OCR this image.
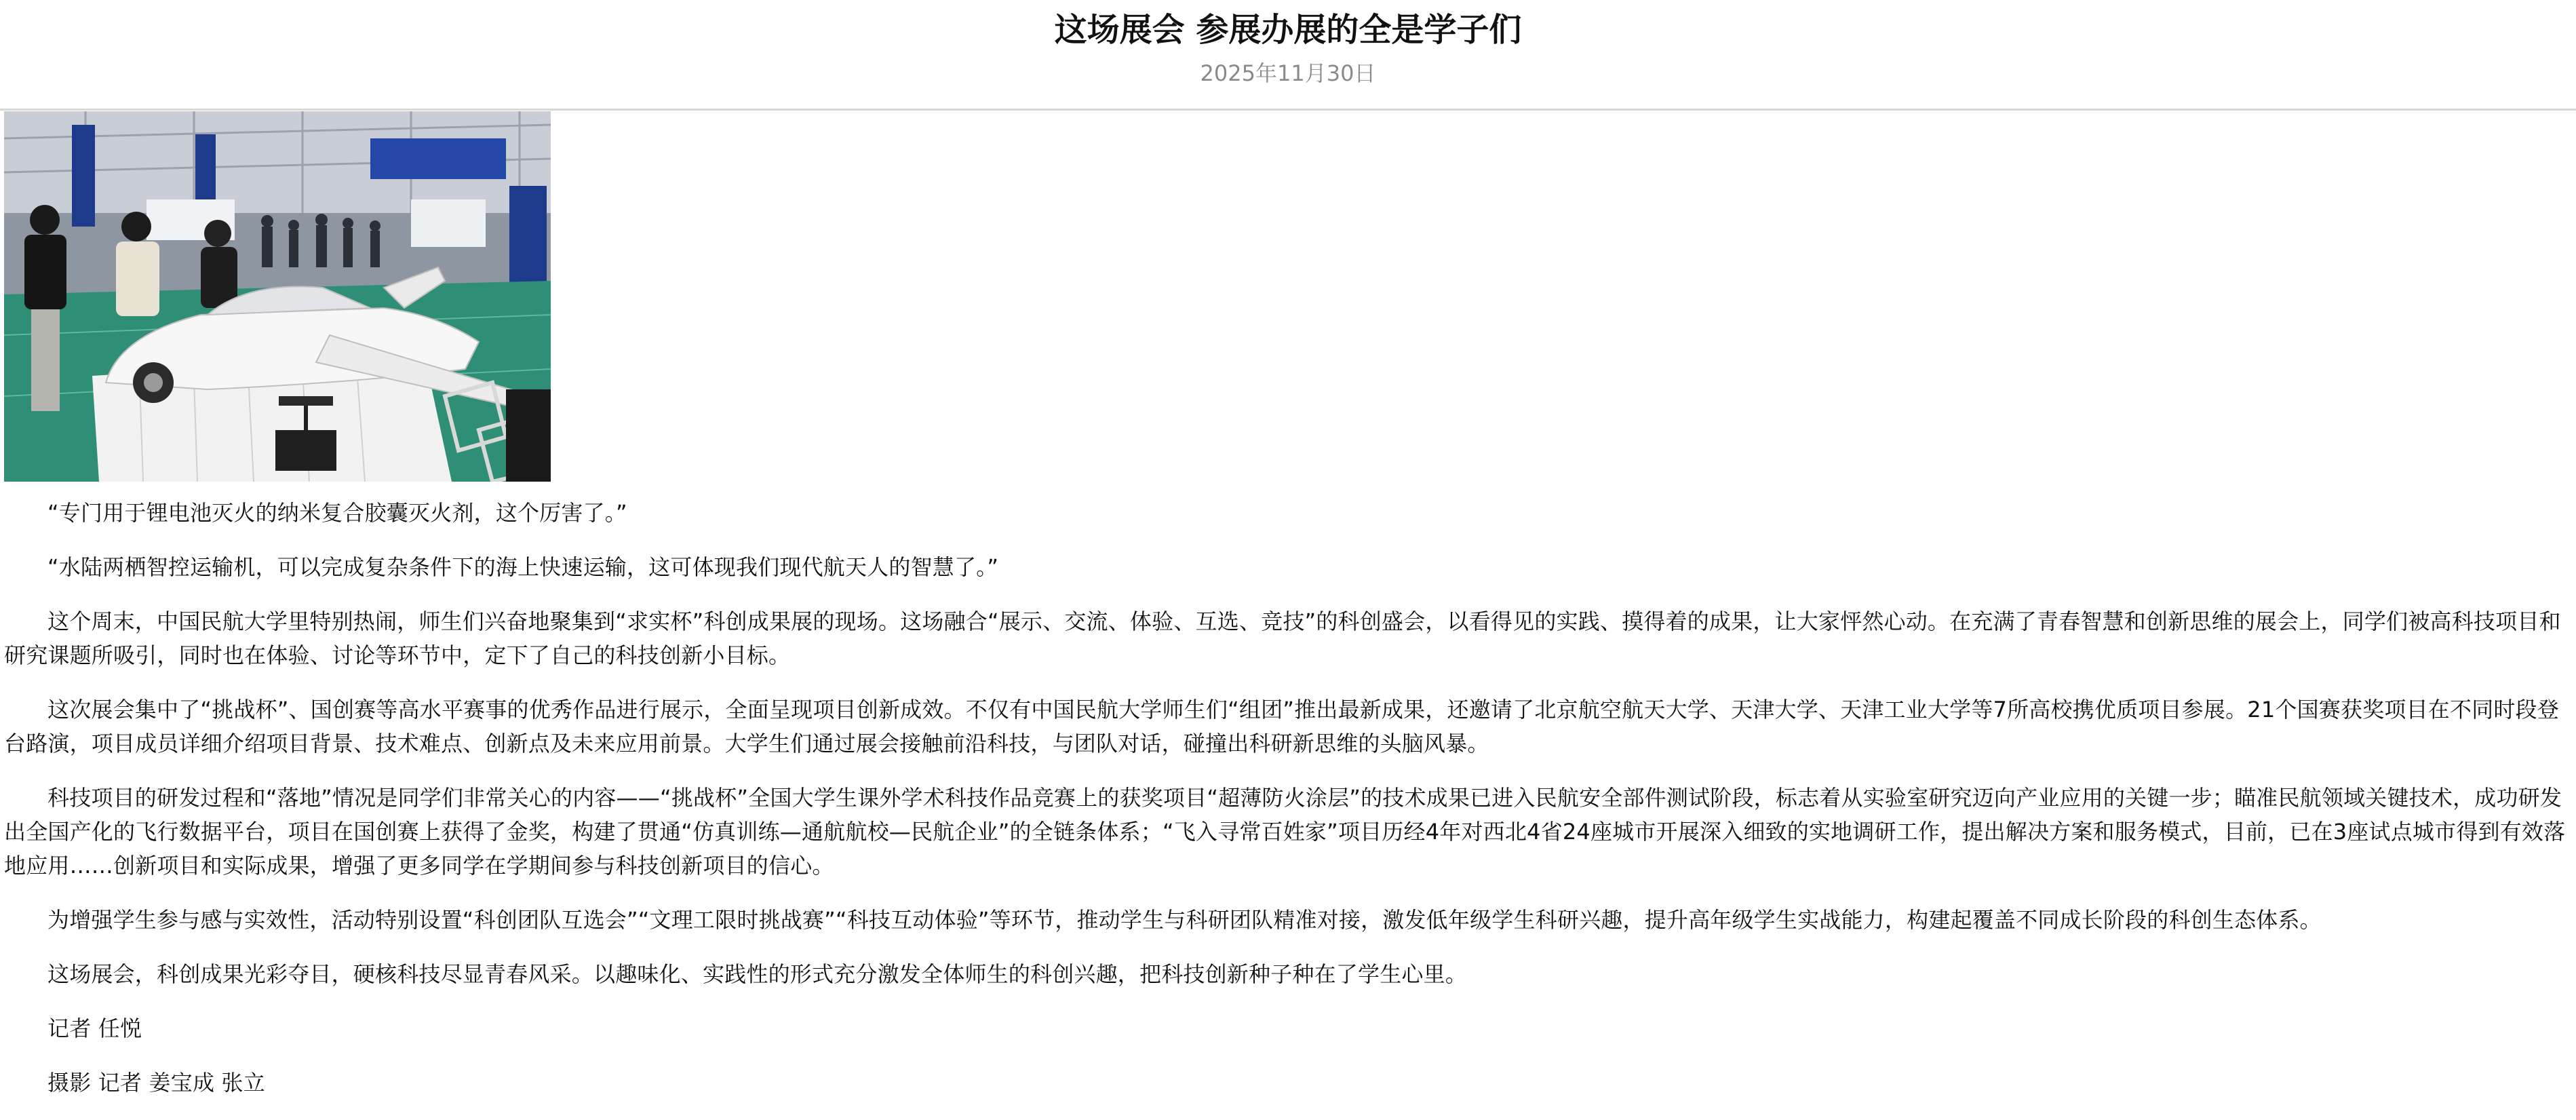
这场展会 参展办展的全是学子们
2025年11月30日

“专门用于锂电池灭火的纳米复合胶囊灭火剂，这个厉害了。”

“水陆两栖智控运输机，可以完成复杂条件下的海上快速运输，这可体现我们现代航天人的智慧了。”

这个周末，中国民航大学里特别热闹，师生们兴奋地聚集到“求实杯”科创成果展的现场。这场融合“展示、交流、体验、互选、竞技”的科创盛会，以看得见的实践、摸得着的成果，让大家怦然心动。在充满了青春智慧和创新思维的展会上，同学们被高科技项目和研究课题所吸引，同时也在体验、讨论等环节中，定下了自己的科技创新小目标。

这次展会集中了“挑战杯”、国创赛等高水平赛事的优秀作品进行展示，全面呈现项目创新成效。不仅有中国民航大学师生们“组团”推出最新成果，还邀请了北京航空航天大学、天津大学、天津工业大学等7所高校携优质项目参展。21个国赛获奖项目在不同时段登台路演，项目成员详细介绍项目背景、技术难点、创新点及未来应用前景。大学生们通过展会接触前沿科技，与团队对话，碰撞出科研新思维的头脑风暴。

科技项目的研发过程和“落地”情况是同学们非常关心的内容——“挑战杯”全国大学生课外学术科技作品竞赛上的获奖项目“超薄防火涂层”的技术成果已进入民航安全部件测试阶段，标志着从实验室研究迈向产业应用的关键一步；瞄准民航领域关键技术，成功研发出全国产化的飞行数据平台，项目在国创赛上获得了金奖，构建了贯通“仿真训练—通航航校—民航企业”的全链条体系；“飞入寻常百姓家”项目历经4年对西北4省24座城市开展深入细致的实地调研工作，提出解决方案和服务模式，目前，已在3座试点城市得到有效落地应用……创新项目和实际成果，增强了更多同学在学期间参与科技创新项目的信心。

为增强学生参与感与实效性，活动特别设置“科创团队互选会”“文理工限时挑战赛”“科技互动体验”等环节，推动学生与科研团队精准对接，激发低年级学生科研兴趣，提升高年级学生实战能力，构建起覆盖不同成长阶段的科创生态体系。

这场展会，科创成果光彩夺目，硬核科技尽显青春风采。以趣味化、实践性的形式充分激发全体师生的科创兴趣，把科技创新种子种在了学生心里。

记者 任悦

摄影 记者 姜宝成 张立
